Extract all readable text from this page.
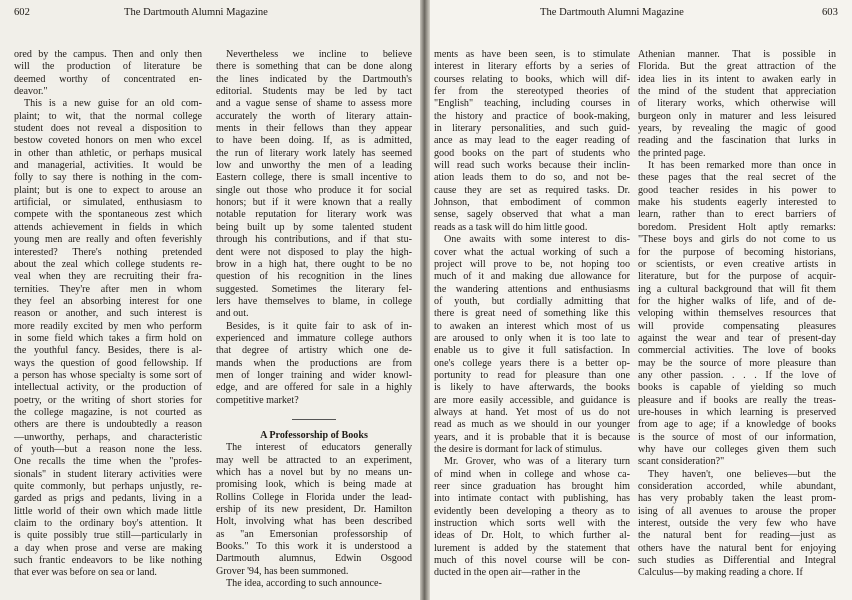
602	The Dartmouth Alumni Magazine
ored by the campus. Then and only then
will the production of literature be
deemed worthy of concentrated en-
deavor."
This is a new guise for an old com-
plaint; to wit, that the normal college
student does not reveal a disposition to
bestow coveted honors on men who excel
in other than athletic, or perhaps musical
and managerial, activities. It would be
folly to say there is nothing in the com-
plaint; but is one to expect to arouse an
artificial, or simulated, enthusiasm to
compete with the spontaneous zest which
attends achievement in fields in which
young men are really and often feverishly
interested? There's nothing pretended
about the zeal which college students re-
veal when they are recruiting their fra-
ternities. They're after men in whom
they feel an absorbing interest for one
reason or another, and such interest is
more readily excited by men who perform
in some field which takes a firm hold on
the youthful fancy. Besides, there is al-
ways the question of good fellowship. If
a person has whose specialty is some sort of
intellectual activity, or the production of
poetry, or the writing of short stories for
the college magazine, is not courted as
others are there is undoubtedly a reason
—unworthy, perhaps, and characteristic
of youth—but a reason none the less.
One recalls the time when the "profes-
sionals" in student literary activities were
quite commonly, but perhaps unjustly, re-
garded as prigs and pedants, living in a
little world of their own which made little
claim to the ordinary boy's attention. It
is quite possibly true still—particularly in
a day when prose and verse are making
such frantic endeavors to be like nothing
that ever was before on sea or land.
Nevertheless we incline to believe
there is something that can be done along
the lines indicated by the Dartmouth's
editorial. Students may be led by tact
and a vague sense of shame to assess more
accurately the worth of literary attain-
ments in their fellows than they appear
to have been doing. If, as is admitted,
the run of literary work lately has seemed
low and unworthy the men of a leading
Eastern college, there is small incentive to
single out those who produce it for social
honors; but if it were known that a really
notable reputation for literary work was
being built up by some talented student
through his contributions, and if that stu-
dent were not disposed to play the high-
brow in a high hat, there ought to be no
question of his recognition in the lines
suggested. Sometimes the literary fel-
lers have themselves to blame, in college
and out.
Besides, is it quite fair to ask of in-
experienced and immature college authors
that degree of artistry which one de-
mands when the productions are from
men of longer training and wider knowl-
edge, and are offered for sale in a highly
competitive market?
A Professorship of Books
The interest of educators generally
may well be attracted to an experiment,
which has a novel but by no means un-
promising look, which is being made at
Rollins College in Florida under the lead-
ership of its new president, Dr. Hamilton
Holt, involving what has been described
as "an Emersonian professorship of
Books." To this work it is understood a
Dartmouth alumnus, Edwin Osgood
Grover '94, has been summoned.
The idea, according to such announce-
The Dartmouth Alumni Magazine	603
ments as have been seen, is to stimulate
interest in literary efforts by a series of
courses relating to books, which will dif-
fer from the stereotyped theories of
"English" teaching, including courses in
the history and practice of book-making,
in literary personalities, and such guid-
ance as may lead to the eager reading of
good books on the part of students who
will read such works because their inclin-
ation leads them to do so, and not be-
cause they are set as required tasks. Dr.
Johnson, that embodiment of common
sense, sagely observed that what a man
reads as a task will do him little good.
One awaits with some interest to dis-
cover what the actual working of such a
project will prove to be, not hoping too
much of it and making due allowance for
the wandering attentions and enthusiasms
of youth, but cordially admitting that
there is great need of something like this
to awaken an interest which most of us
are aroused to only when it is too late to
enable us to give it full satisfaction. In
one's college years there is a better op-
portunity to read for pleasure than one
is likely to have afterwards, the books
are more easily accessible, and guidance is
always at hand. Yet most of us do not
read as much as we should in our younger
years, and it is probable that it is because
the desire is dormant for lack of stimulus.
Mr. Grover, who was of a literary turn
of mind when in college and whose ca-
reer since graduation has brought him
into intimate contact with publishing, has
evidently been developing a theory as to
instruction which sorts well with the
ideas of Dr. Holt, to which further al-
lurement is added by the statement that
much of this novel course will be con-
ducted in the open air—rather in the
Athenian manner. That is possible in
Florida. But the great attraction of the
idea lies in its intent to awaken early in
the mind of the student that appreciation
of literary works, which otherwise will
burgeon only in maturer and less leisured
years, by revealing the magic of good
reading and the fascination that lurks in
the printed page.
It has been remarked more than once in
these pages that the real secret of the
good teacher resides in his power to
make his students eagerly interested to
learn, rather than to erect barriers of
boredom. President Holt aptly remarks:
"These boys and girls do not come to us
for the purpose of becoming historians,
or scientists, or even creative artists in
literature, but for the purpose of acquir-
ing a cultural background that will fit them
for the higher walks of life, and of de-
veloping within themselves resources that
will provide compensating pleasures
against the wear and tear of present-day
commercial activities. The love of books
may be the source of more pleasure than
any other passion. . . . If the love of
books is capable of yielding so much
pleasure and if books are really the treas-
ure-houses in which learning is preserved
from age to age; if a knowledge of books
is the source of most of our information,
why have our colleges given them such
scant consideration?"
They haven't, one believes—but the
consideration accorded, while abundant,
has very probably taken the least prom-
ising of all avenues to arouse the proper
interest, outside the very few who have
the natural bent for reading—just as
others have the natural bent for enjoying
such studies as Differential and Integral
Calculus—by making reading a chore. If
